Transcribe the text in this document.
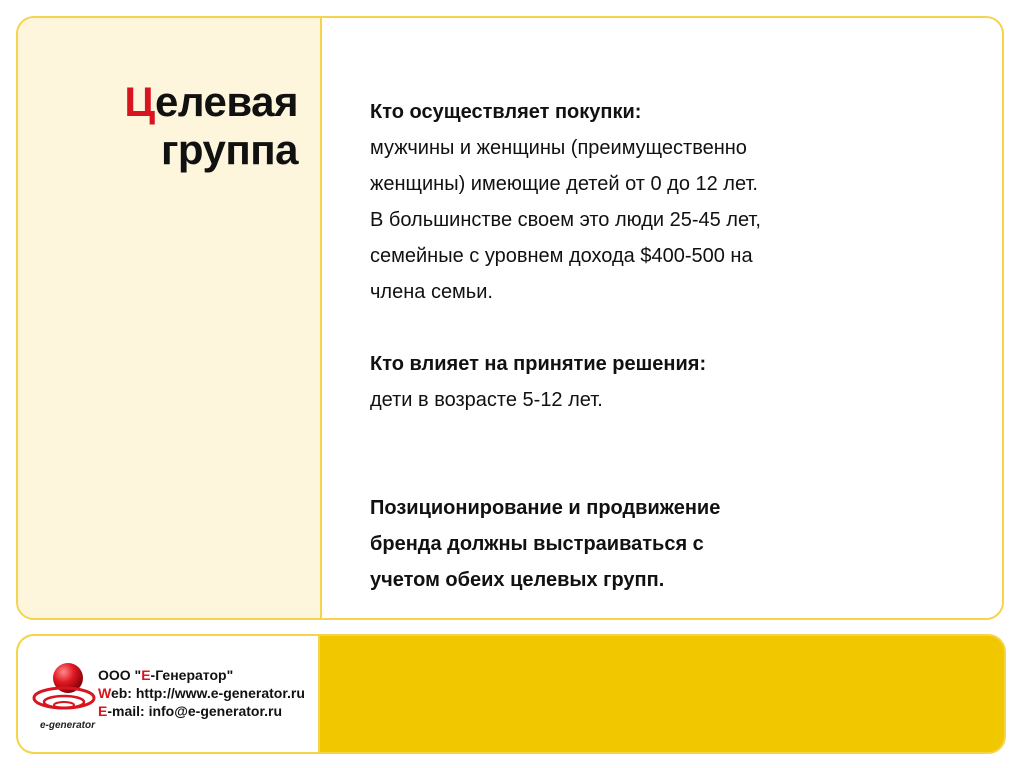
Целевая
группа

Кто осуществляет покупки:

мужчины и женщины (преимущественно

женщины) имеющие детей от 0 до 12 лет.

В большинстве своем это люди 25-45 лет,

семейные с уровнем дохода $400-500 на

члена семьи.

Кто влияет на принятие решения:

дети в возрасте 5-12 лет.

Позиционирование и продвижение

бренда должны выстраиваться с

учетом обеих целевых групп.

e-generator
ООО "Е-Генератор"
Web: http://www.e-generator.ru
E-mail: info@e-generator.ru
